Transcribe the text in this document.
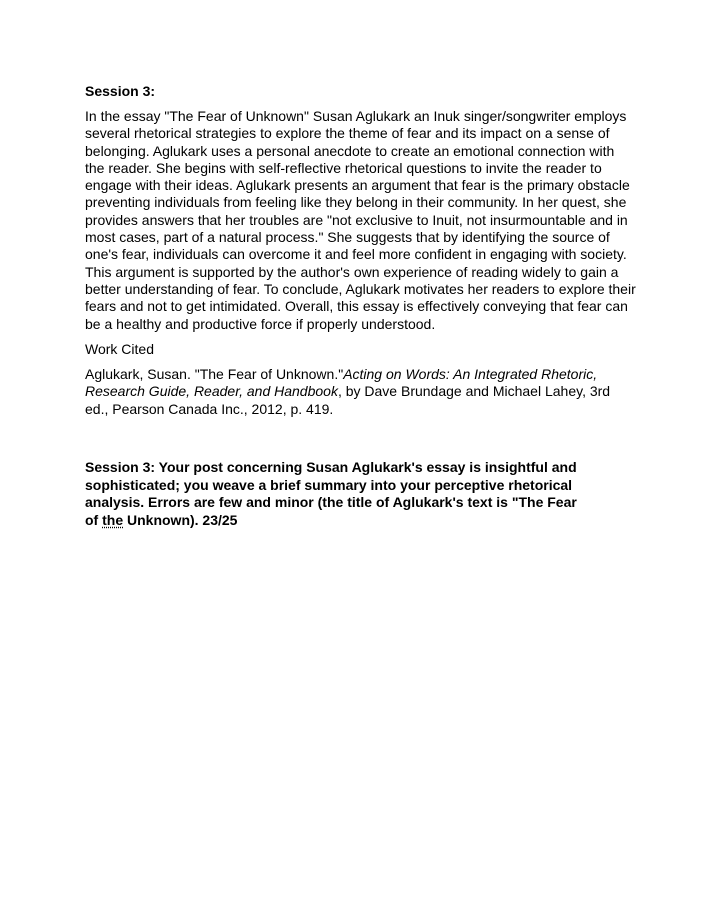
Session 3:

In the essay "The Fear of Unknown" Susan Aglukark an Inuk singer/songwriter employs several rhetorical strategies to explore the theme of fear and its impact on a sense of belonging. Aglukark uses a personal anecdote to create an emotional connection with the reader. She begins with self-reflective rhetorical questions to invite the reader to engage with their ideas. Aglukark presents an argument that fear is the primary obstacle preventing individuals from feeling like they belong in their community. In her quest, she provides answers that her troubles are "not exclusive to Inuit, not insurmountable and in most cases, part of a natural process." She suggests that by identifying the source of one's fear, individuals can overcome it and feel more confident in engaging with society. This argument is supported by the author's own experience of reading widely to gain a better understanding of fear. To conclude, Aglukark motivates her readers to explore their fears and not to get intimidated. Overall, this essay is effectively conveying that fear can be a healthy and productive force if properly understood.

Work Cited

Aglukark, Susan. "The Fear of Unknown."Acting on Words: An Integrated Rhetoric, Research Guide, Reader, and Handbook, by Dave Brundage and Michael Lahey, 3rd ed., Pearson Canada Inc., 2012, p. 419.

Session 3: Your post concerning Susan Aglukark's essay is insightful and sophisticated; you weave a brief summary into your perceptive rhetorical analysis. Errors are few and minor (the title of Aglukark's text is "The Fear of the Unknown). 23/25
